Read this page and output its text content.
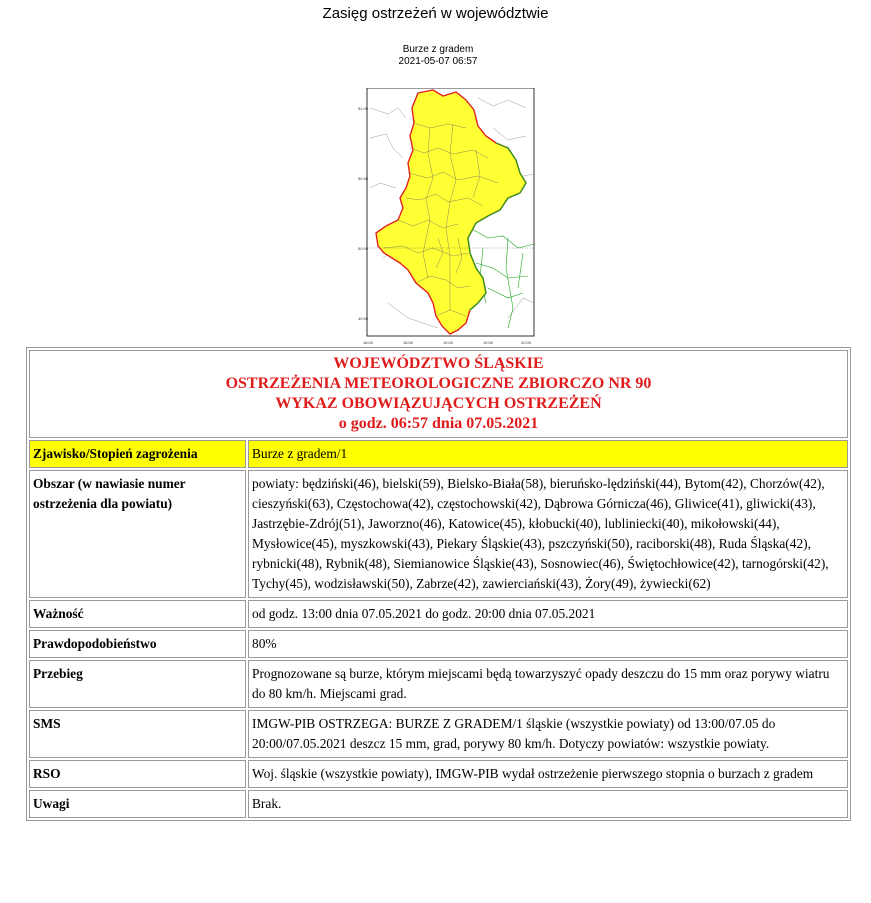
Zasięg ostrzeżeń w województwie
Burze z gradem
2021-05-07 06:57
51.00
50.50
50.00
49.50
18.00	18.50	19.00	19.50	20.00
WOJEWÓDZTWO ŚLĄSKIE
OSTRZEŻENIA METEOROLOGICZNE ZBIORCZO NR 90
WYKAZ OBOWIĄZUJĄCYCH OSTRZEŻEŃ
o godz. 06:57 dnia 07.05.2021	

Zjawisko/Stopień zagrożenia	Burze z gradem/1
Obszar (w nawiasie numer ostrzeżenia dla powiatu)	powiaty: będziński(46), bielski(59), Bielsko-Biała(58), bieruńsko-lędziński(44), Bytom(42), Chorzów(42), cieszyński(63), Częstochowa(42), częstochowski(42), Dąbrowa Górnicza(46), Gliwice(41), gliwicki(43), Jastrzębie-Zdrój(51), Jaworzno(46), Katowice(45), kłobucki(40), lubliniecki(40), mikołowski(44), Mysłowice(45), myszkowski(43), Piekary Śląskie(43), pszczyński(50), raciborski(48), Ruda Śląska(42), rybnicki(48), Rybnik(48), Siemianowice Śląskie(43), Sosnowiec(46), Świętochłowice(42), tarnogórski(42), Tychy(45), wodzisławski(50), Zabrze(42), zawierciański(43), Żory(49), żywiecki(62)
Ważność	od godz. 13:00 dnia 07.05.2021 do godz. 20:00 dnia 07.05.2021
Prawdopodobieństwo	80%
Przebieg	Prognozowane są burze, którym miejscami będą towarzyszyć opady deszczu do 15 mm oraz porywy wiatru do 80 km/h. Miejscami grad.
SMS	IMGW-PIB OSTRZEGA: BURZE Z GRADEM/1 śląskie (wszystkie powiaty) od 13:00/07.05 do 20:00/07.05.2021 deszcz 15 mm, grad, porywy 80 km/h. Dotyczy powiatów: wszystkie powiaty.
RSO	Woj. śląskie (wszystkie powiaty), IMGW-PIB wydał ostrzeżenie pierwszego stopnia o burzach z gradem
Uwagi	Brak.
